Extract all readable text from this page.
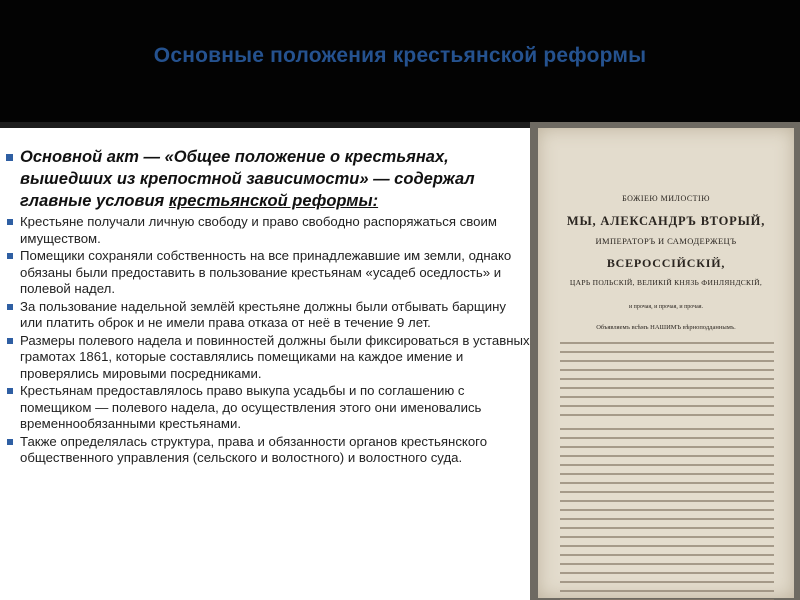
Основные положения крестьянской реформы
Основной акт — «Общее положение о крестьянах, вышедших из крепостной зависимости» — содержал главные условия крестьянской реформы:
Крестьяне получали личную свободу и право свободно распоряжаться своим имуществом.
Помещики сохраняли собственность на все принадлежавшие им земли, однако обязаны были предоставить в пользование крестьянам «усадеб оседлость» и полевой надел.
За пользование надельной землёй крестьяне должны были отбывать барщину или платить оброк и не имели права отказа от неё в течение 9 лет.
Размеры полевого надела и повинностей должны были фиксироваться в уставных грамотах 1861, которые составлялись помещиками на каждое имение и проверялись мировыми посредниками.
Крестьянам предоставлялось право выкупа усадьбы и по соглашению с помещиком — полевого надела, до осуществления этого они именовались временнообязанными крестьянами.
Также определялась структура, права и обязанности органов крестьянского общественного управления (сельского и волостного) и волостного суда.

БОЖІЕЮ МИЛОСТІЮ

МЫ, АЛЕКСАНДРЪ ВТОРЫЙ,

ИМПЕРАТОРЪ И САМОДЕРЖЕЦЪ

ВСЕРОССІЙСКІЙ,

ЦАРЬ ПОЛЬСКІЙ, ВЕЛИКІЙ КНЯЗЬ ФИНЛЯНДСКІЙ,

и прочая, и прочая, и прочая.

Объявляемъ всѣмъ НАШИМЪ вѣрноподданнымъ.
